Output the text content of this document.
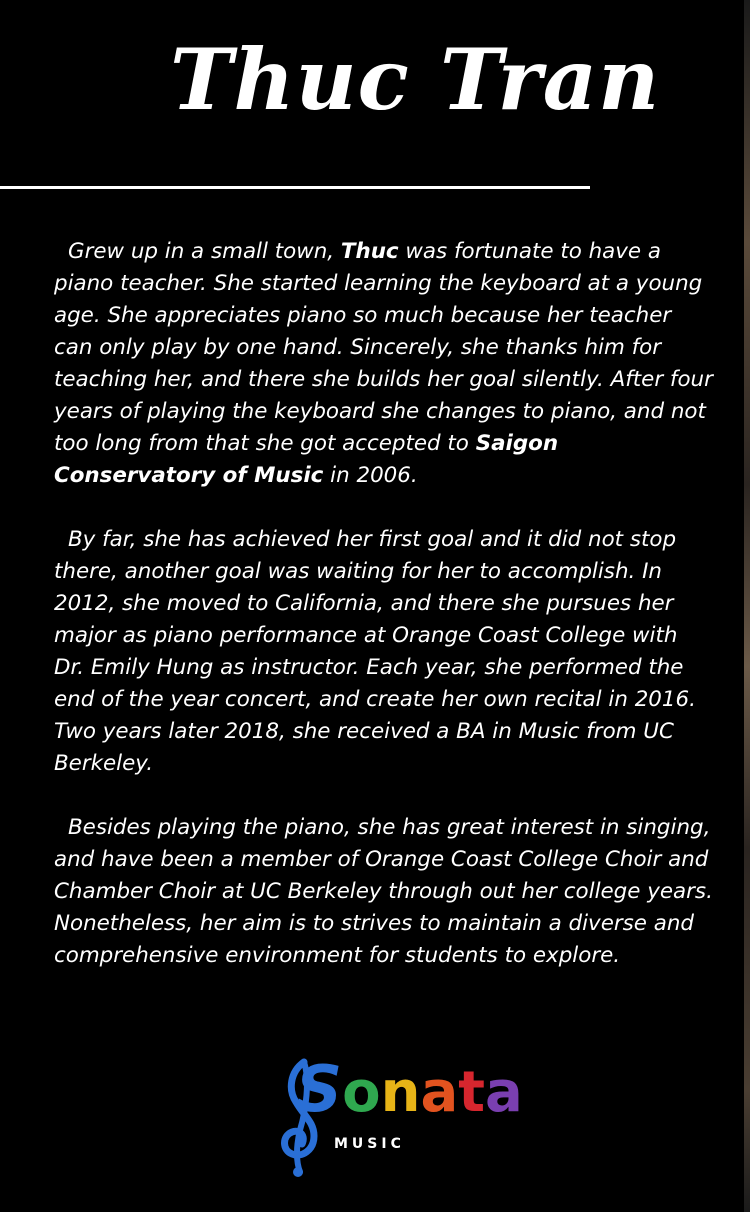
Thuc Tran

Grew up in a small town, Thuc was fortunate to have a piano teacher. She started learning the keyboard at a young age. She appreciates piano so much because her teacher can only play by one hand. Sincerely, she thanks him for teaching her, and there she builds her goal silently. After four years of playing the keyboard she changes to piano, and not too long from that she got accepted to Saigon Conservatory of Music in 2006.

By far, she has achieved her first goal and it did not stop there, another goal was waiting for her to accomplish. In 2012, she moved to California, and there she pursues her major as piano performance at Orange Coast College with Dr. Emily Hung as instructor. Each year, she performed the end of the year concert, and create her own recital in 2016. Two years later 2018, she received a BA in Music from UC Berkeley.

Besides playing the piano, she has great interest in singing, and have been a member of Orange Coast College Choir and Chamber Choir at UC Berkeley through out her college years. Nonetheless, her aim is to strives to maintain a diverse and comprehensive environment for students to explore.

Sonata
MUSIC
